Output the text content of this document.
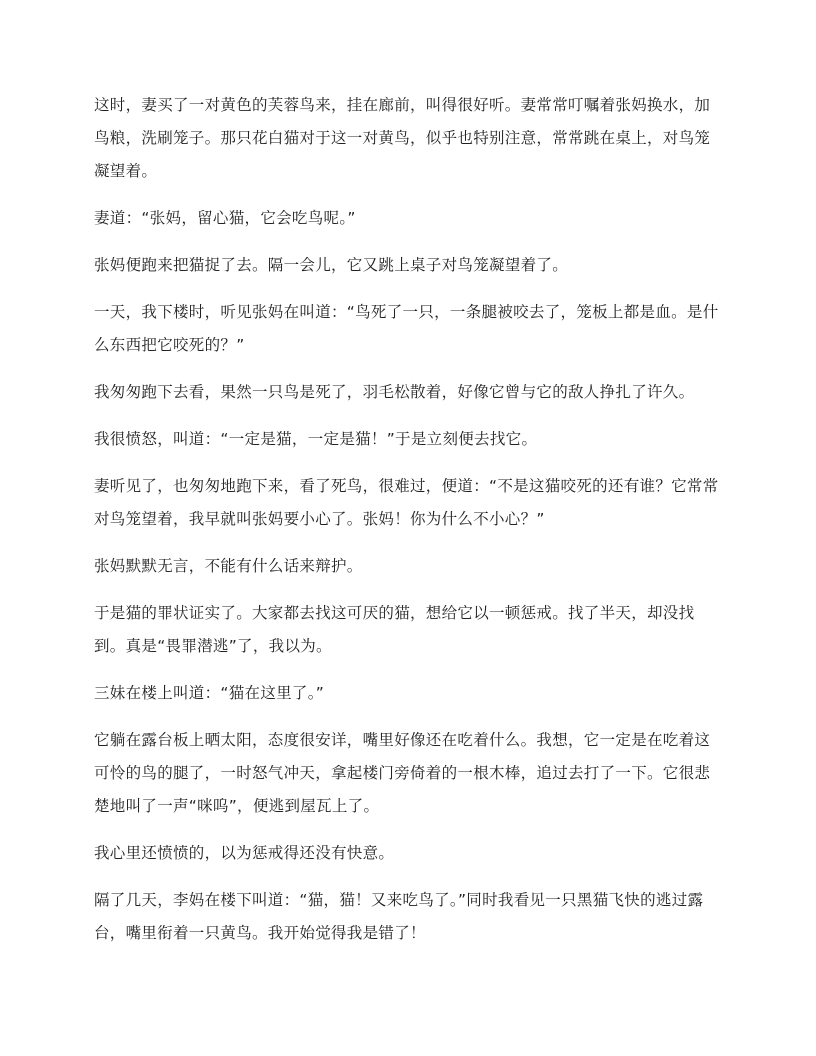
这时，妻买了一对黄色的芙蓉鸟来，挂在廊前，叫得很好听。妻常常叮嘱着张妈换水，加鸟粮，洗刷笼子。那只花白猫对于这一对黄鸟，似乎也特别注意，常常跳在桌上，对鸟笼凝望着。

妻道：“张妈，留心猫，它会吃鸟呢。”

张妈便跑来把猫捉了去。隔一会儿，它又跳上桌子对鸟笼凝望着了。

一天，我下楼时，听见张妈在叫道：“鸟死了一只，一条腿被咬去了，笼板上都是血。是什么东西把它咬死的？”

我匆匆跑下去看，果然一只鸟是死了，羽毛松散着，好像它曾与它的敌人挣扎了许久。

我很愤怒，叫道：“一定是猫，一定是猫！”于是立刻便去找它。

妻听见了，也匆匆地跑下来，看了死鸟，很难过，便道：“不是这猫咬死的还有谁？它常常对鸟笼望着，我早就叫张妈要小心了。张妈！你为什么不小心？”

张妈默默无言，不能有什么话来辩护。

于是猫的罪状证实了。大家都去找这可厌的猫，想给它以一顿惩戒。找了半天，却没找到。真是“畏罪潜逃”了，我以为。

三妹在楼上叫道：“猫在这里了。”

它躺在露台板上晒太阳，态度很安详，嘴里好像还在吃着什么。我想，它一定是在吃着这可怜的鸟的腿了，一时怒气冲天，拿起楼门旁倚着的一根木棒，追过去打了一下。它很悲楚地叫了一声“咪呜”，便逃到屋瓦上了。

我心里还愤愤的，以为惩戒得还没有快意。

隔了几天，李妈在楼下叫道：“猫，猫！又来吃鸟了。”同时我看见一只黑猫飞快的逃过露台，嘴里衔着一只黄鸟。我开始觉得我是错了！
